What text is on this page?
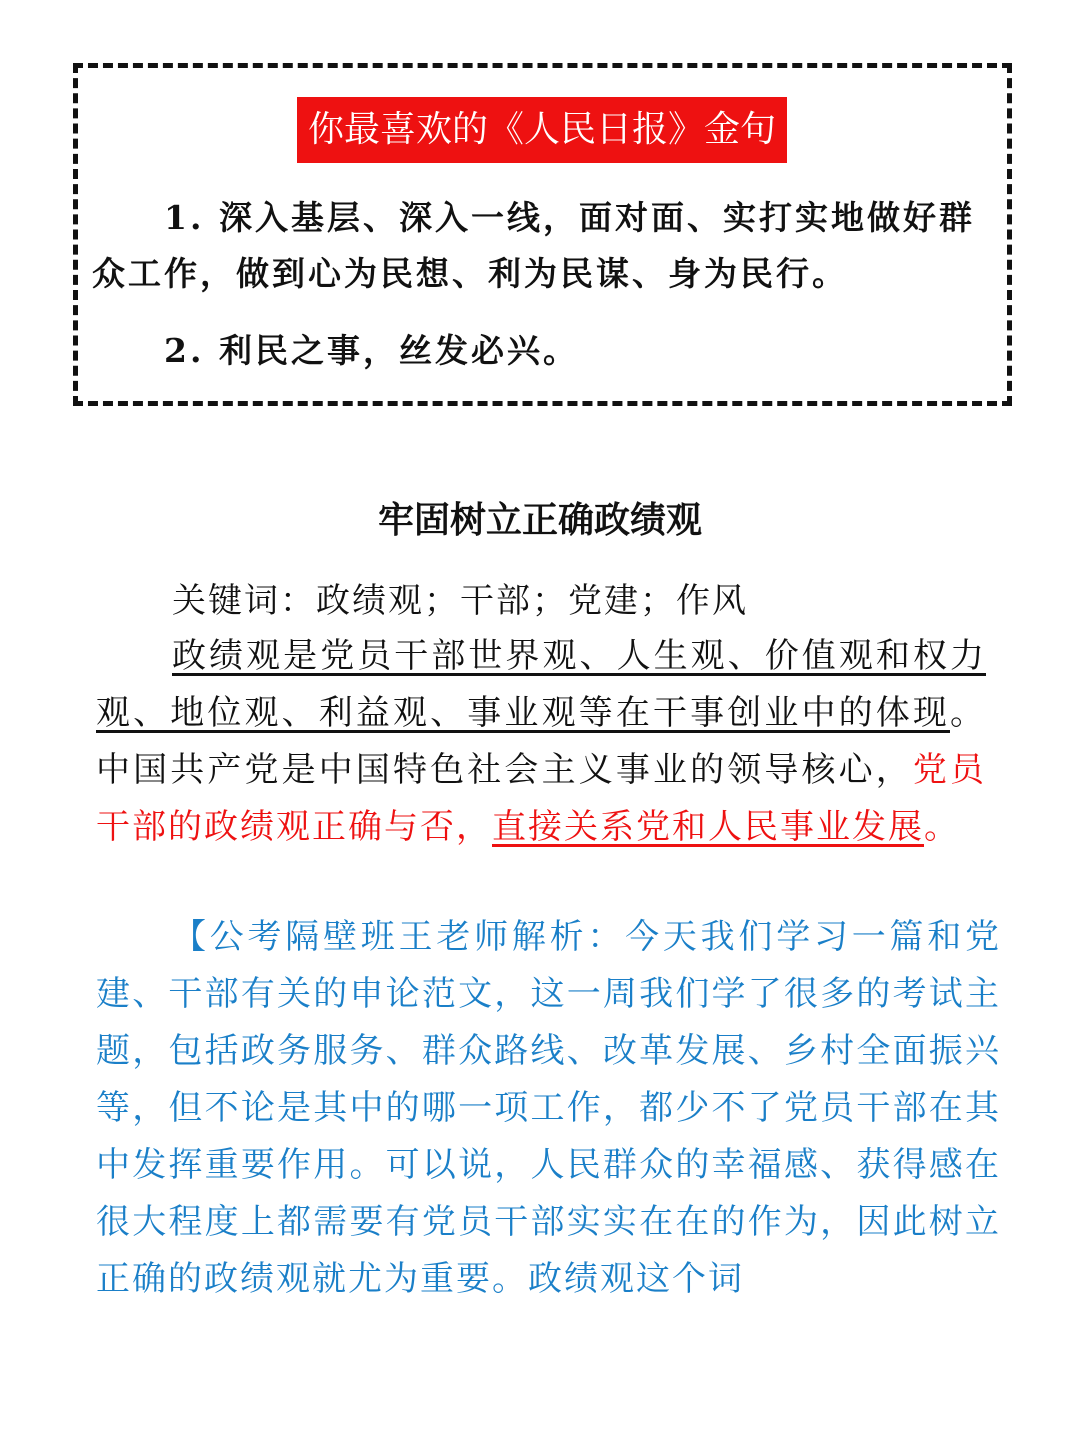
你最喜欢的《人民日报》金句

1. 深入基层、深入一线，面对面、实打实地做好群众工作，做到心为民想、利为民谋、身为民行。

2. 利民之事，丝发必兴。

牢固树立正确政绩观

关键词：政绩观；干部；党建；作风

政绩观是党员干部世界观、人生观、价值观和权力观、地位观、利益观、事业观等在干事创业中的体现。中国共产党是中国特色社会主义事业的领导核心，党员干部的政绩观正确与否，直接关系党和人民事业发展。

【公考隔壁班王老师解析：今天我们学习一篇和党建、干部有关的申论范文，这一周我们学了很多的考试主题，包括政务服务、群众路线、改革发展、乡村全面振兴等，但不论是其中的哪一项工作，都少不了党员干部在其中发挥重要作用。可以说，人民群众的幸福感、获得感在很大程度上都需要有党员干部实实在在的作为，因此树立正确的政绩观就尤为重要。政绩观这个词
